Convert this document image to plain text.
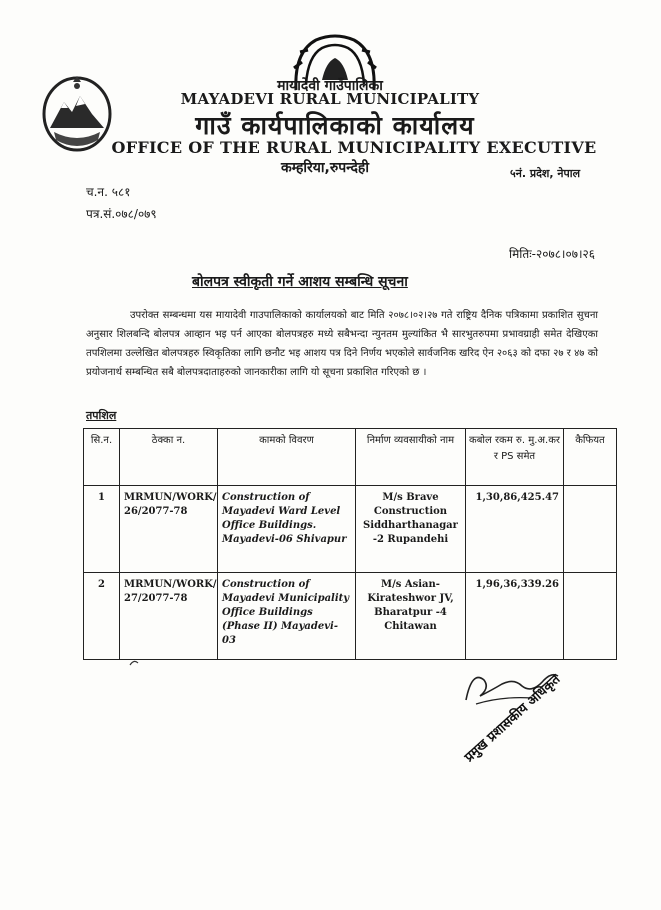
मायादेवी गाउँपालिका
MAYADEVI RURAL MUNICIPALITY
गाउँ कार्यपालिकाको कार्यालय
OFFICE OF THE RURAL MUNICIPALITY EXECUTIVE
कम्हरिया,रुपन्देही	५नं. प्रदेश, नेपाल
च.न. ५८१
पत्र.सं.०७८/०७९
मितिः-२०७८।०७।२६
बोलपत्र स्वीकृती गर्ने आशय सम्बन्धि सूचना
उपरोक्त सम्बन्धमा यस मायादेवी गाउपालिकाको कार्यालयको बाट मिति २०७८।०२।२७ गते राष्ट्रिय दैनिक पत्रिकामा प्रकाशित सुचना अनुसार शिलबन्दि बोलपत्र आव्हान भइ पर्न आएका बोलपत्रहरु मध्ये सबैभन्दा न्युनतम मुल्यांकित भै सारभुतरुपमा प्रभावग्राही समेत देखिएका तपशिलमा उल्लेखित बोलपत्रहरु स्विकृतिका लागि छनौट भइ आशय पत्र दिने निर्णय भएकोले सार्वजनिक खरिद ऐन २०६३ को दफा २७ र ४७ को प्रयोजनार्थ सम्बन्धित सबै बोलपत्रदाताहरुको जानकारीका लागि यो सूचना प्रकाशित गरिएको छ ।
तपशिल
सि.न.	ठेक्का न.	कामको विवरण	निर्माण व्यवसायीको नाम	कबोल रकम रु. मु.अ.कर र PS समेत	कैफियत
1	MRMUN/WORK/ 26/2077-78	Construction of Mayadevi Ward Level Office Buildings. Mayadevi-06 Shivapur	M/s Brave Construction Siddharthanagar -2 Rupandehi	1,30,86,425.47	
2	MRMUN/WORK/ 27/2077-78	Construction of Mayadevi Municipality Office Buildings (Phase II) Mayadevi-03	M/s Asian-Kirateshwor JV, Bharatpur -4 Chitawan	1,96,36,339.26	
प्रमुख प्रशासकीय अधिकृत
